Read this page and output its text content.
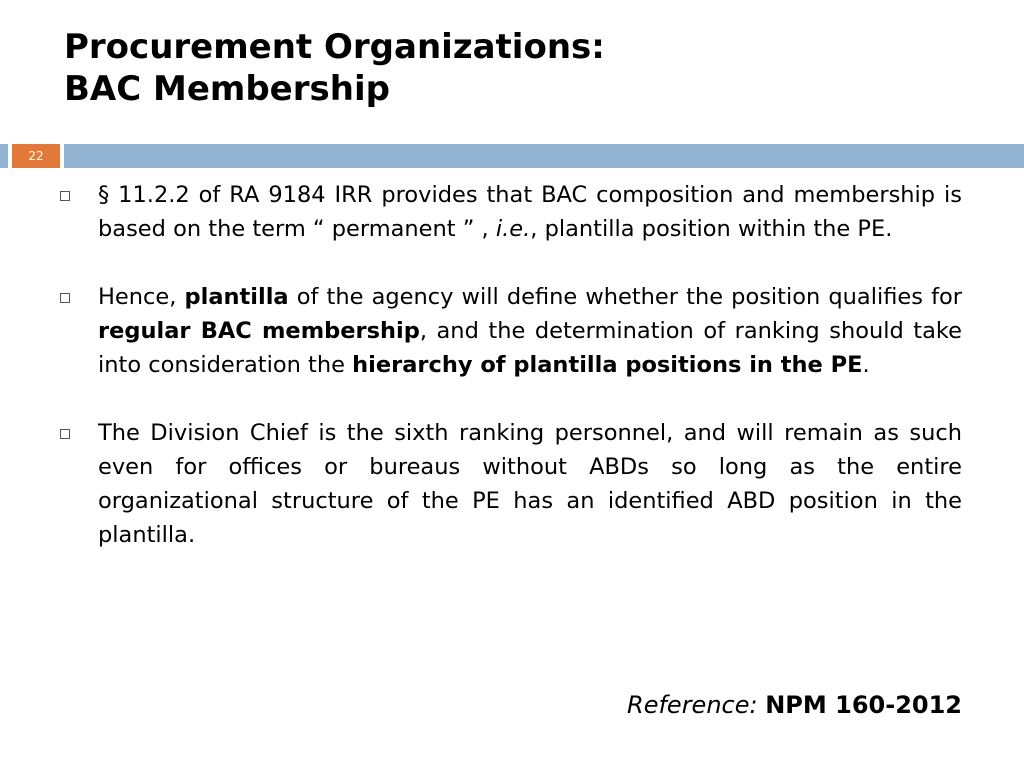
Procurement Organizations:
BAC Membership
22
§ 11.2.2 of RA 9184 IRR provides that BAC composition and membership is based on the term “ permanent ” , i.e., plantilla position within the PE.
Hence, plantilla of the agency will define whether the position qualifies for regular BAC membership, and the determination of ranking should take into consideration the hierarchy of plantilla positions in the PE.
The Division Chief is the sixth ranking personnel, and will remain as such even for offices or bureaus without ABDs so long as the entire organizational structure of the PE has an identified ABD position in the plantilla.
Reference: NPM 160-2012
